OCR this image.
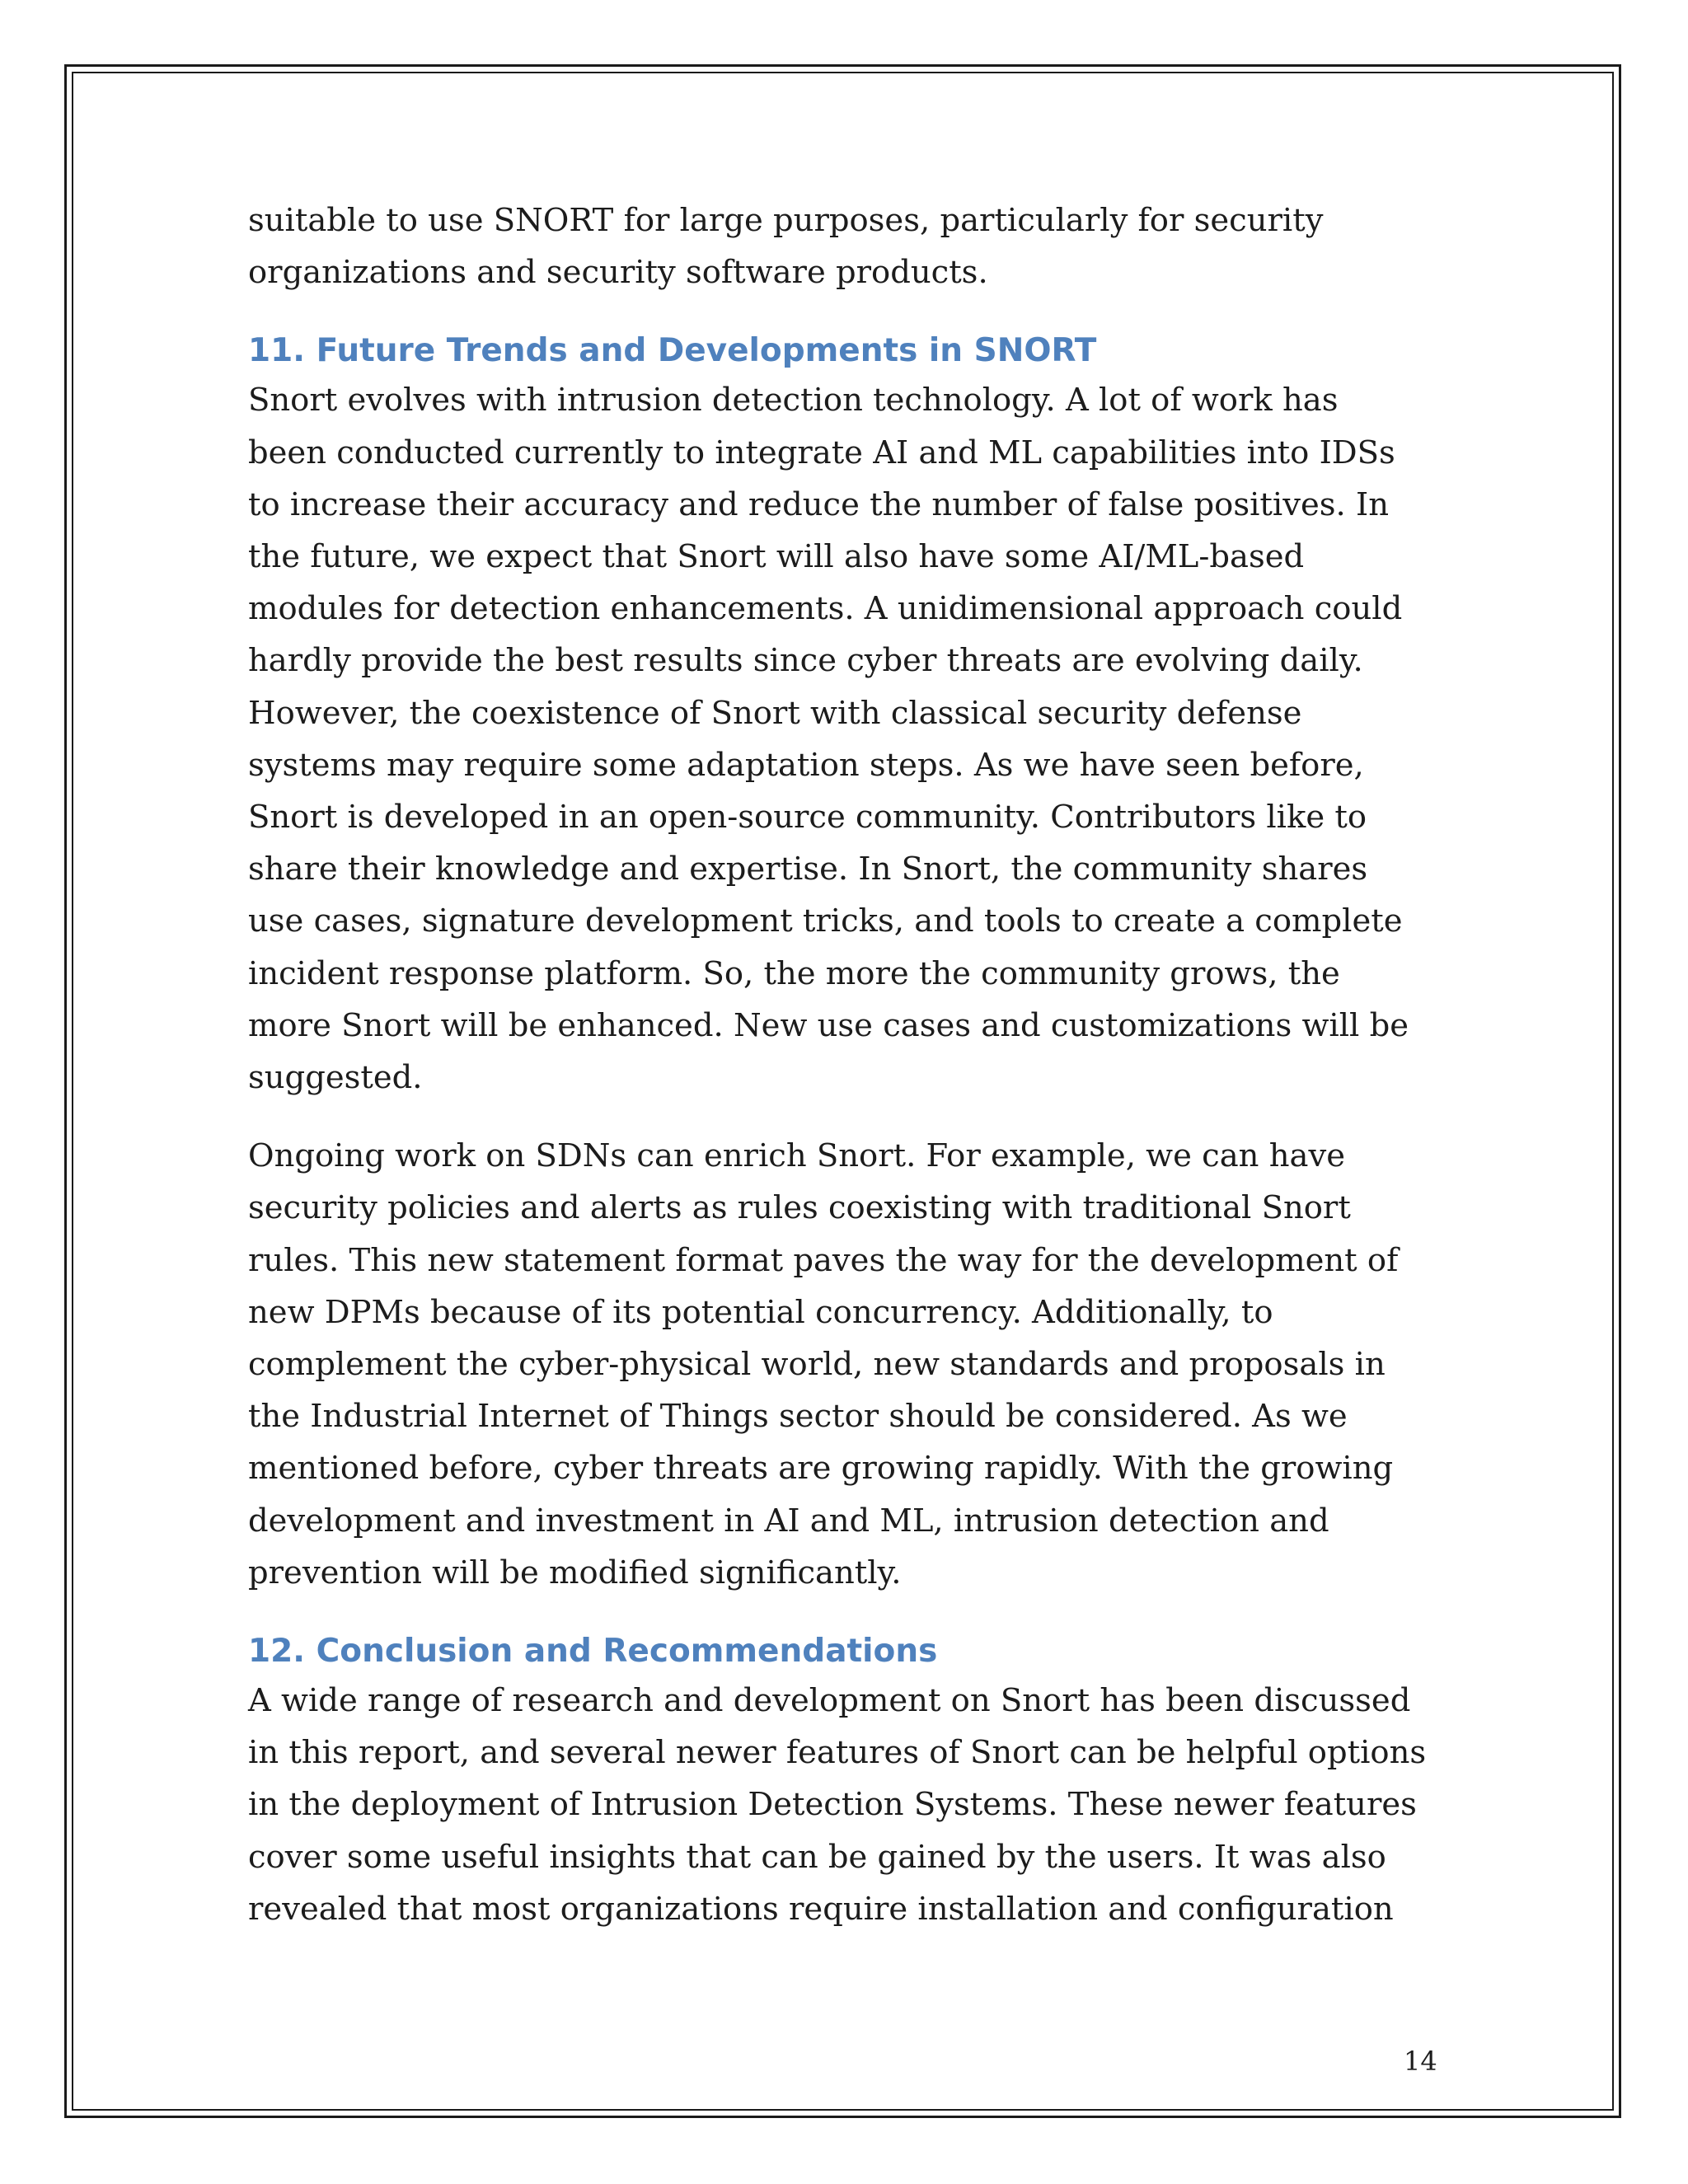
suitable to use SNORT for large purposes, particularly for security

organizations and security software products.

11. Future Trends and Developments in SNORT

Snort evolves with intrusion detection technology. A lot of work has

been conducted currently to integrate AI and ML capabilities into IDSs

to increase their accuracy and reduce the number of false positives. In

the future, we expect that Snort will also have some AI/ML-based

modules for detection enhancements. A unidimensional approach could

hardly provide the best results since cyber threats are evolving daily.

However, the coexistence of Snort with classical security defense

systems may require some adaptation steps. As we have seen before,

Snort is developed in an open-source community. Contributors like to

share their knowledge and expertise. In Snort, the community shares

use cases, signature development tricks, and tools to create a complete

incident response platform. So, the more the community grows, the

more Snort will be enhanced. New use cases and customizations will be

suggested.

Ongoing work on SDNs can enrich Snort. For example, we can have

security policies and alerts as rules coexisting with traditional Snort

rules. This new statement format paves the way for the development of

new DPMs because of its potential concurrency. Additionally, to

complement the cyber-physical world, new standards and proposals in

the Industrial Internet of Things sector should be considered. As we

mentioned before, cyber threats are growing rapidly. With the growing

development and investment in AI and ML, intrusion detection and

prevention will be modified significantly.

12. Conclusion and Recommendations

A wide range of research and development on Snort has been discussed

in this report, and several newer features of Snort can be helpful options

in the deployment of Intrusion Detection Systems. These newer features

cover some useful insights that can be gained by the users. It was also

revealed that most organizations require installation and configuration

14
